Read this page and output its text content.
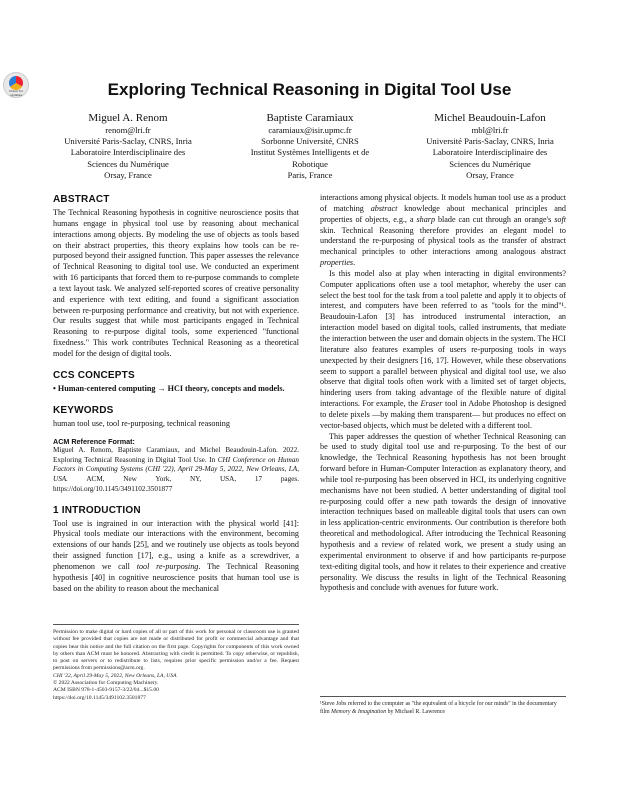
Check for updates	Exploring Technical Reasoning in Digital Tool Use
Miguel A. Renom
renom@lri.fr
Université Paris-Saclay, CNRS, Inria
Laboratoire Interdisciplinaire des
Sciences du Numérique
Orsay, France
Baptiste Caramiaux
caramiaux@isir.upmc.fr
Sorbonne Université, CNRS
Institut Systèmes Intelligents et de
Robotique
Paris, France
Michel Beaudouin-Lafon
mbl@lri.fr
Université Paris-Saclay, CNRS, Inria
Laboratoire Interdisciplinaire des
Sciences du Numérique
Orsay, France
ABSTRACT

The Technical Reasoning hypothesis in cognitive neuroscience posits that humans engage in physical tool use by reasoning about mechanical interactions among objects. By modeling the use of objects as tools based on their abstract properties, this theory explains how tools can be re-purposed beyond their assigned function. This paper assesses the relevance of Technical Reasoning to digital tool use. We conducted an experiment with 16 participants that forced them to re-purpose commands to complete a text layout task. We analyzed self-reported scores of creative personality and experience with text editing, and found a significant association between re-purposing performance and creativity, but not with experience. Our results suggest that while most participants engaged in Technical Reasoning to re-purpose digital tools, some experienced "functional fixedness." This work contributes Technical Reasoning as a theoretical model for the design of digital tools.

CCS CONCEPTS

• Human-centered computing → HCI theory, concepts and models.

KEYWORDS

human tool use, tool re-purposing, technical reasoning

ACM Reference Format:

Miguel A. Renom, Baptiste Caramiaux, and Michel Beaudouin-Lafon. 2022. Exploring Technical Reasoning in Digital Tool Use. In CHI Conference on Human Factors in Computing Systems (CHI '22), April 29-May 5, 2022, New Orleans, LA, USA. ACM, New York, NY, USA, 17 pages. https://doi.org/10.1145/3491102.3501877

1 INTRODUCTION

Tool use is ingrained in our interaction with the physical world [41]: Physical tools mediate our interactions with the environment, becoming extensions of our hands [25], and we routinely use objects as tools beyond their assigned function [17], e.g., using a knife as a screwdriver, a phenomenon we call tool re-purposing. The Technical Reasoning hypothesis [40] in cognitive neuroscience posits that human tool use is based on the ability to reason about the mechanical

interactions among physical objects. It models human tool use as a product of matching abstract knowledge about mechanical principles and properties of objects, e.g., a sharp blade can cut through an orange's soft skin. Technical Reasoning therefore provides an elegant model to understand the re-purposing of physical tools as the transfer of abstract mechanical principles to other interactions among analogous abstract properties.

Is this model also at play when interacting in digital environments? Computer applications often use a tool metaphor, whereby the user can select the best tool for the task from a tool palette and apply it to objects of interest, and computers have been referred to as "tools for the mind"¹. Beaudouin-Lafon [3] has introduced instrumental interaction, an interaction model based on digital tools, called instruments, that mediate the interaction between the user and domain objects in the system. The HCI literature also features examples of users re-purposing tools in ways unexpected by their designers [16, 17]. However, while these observations seem to support a parallel between physical and digital tool use, we also observe that digital tools often work with a limited set of target objects, hindering users from taking advantage of the flexible nature of digital interactions. For example, the Eraser tool in Adobe Photoshop is designed to delete pixels —by making them transparent— but produces no effect on vector-based objects, which must be deleted with a different tool.

This paper addresses the question of whether Technical Reasoning can be used to study digital tool use and re-purposing. To the best of our knowledge, the Technical Reasoning hypothesis has not been brought forward before in Human-Computer Interaction as explanatory theory, and while tool re-purposing has been observed in HCI, its underlying cognitive mechanisms have not been studied. A better understanding of digital tool re-purposing could offer a new path towards the design of innovative interaction techniques based on malleable digital tools that users can own in less application-centric environments. Our contribution is therefore both theoretical and methodological. After introducing the Technical Reasoning hypothesis and a review of related work, we present a study using an experimental environment to observe if and how participants re-purpose text-editing digital tools, and how it relates to their experience and creative personality. We discuss the results in light of the Technical Reasoning hypothesis and conclude with avenues for future work.

Permission to make digital or hard copies of all or part of this work for personal or classroom use is granted without fee provided that copies are not made or distributed for profit or commercial advantage and that copies bear this notice and the full citation on the first page. Copyrights for components of this work owned by others than ACM must be honored. Abstracting with credit is permitted. To copy otherwise, or republish, to post on servers or to redistribute to lists, requires prior specific permission and/or a fee. Request permissions from permissions@acm.org.

CHI '22, April 29-May 5, 2022, New Orleans, LA, USA

© 2022 Association for Computing Machinery.

ACM ISBN 978-1-4503-9157-3/22/04...$15.00

https://doi.org/10.1145/3491102.3501877

¹Steve Jobs referred to the computer as "the equivalent of a bicycle for our minds" in the documentary film Memory & Imagination by Michael R. Lawrence
